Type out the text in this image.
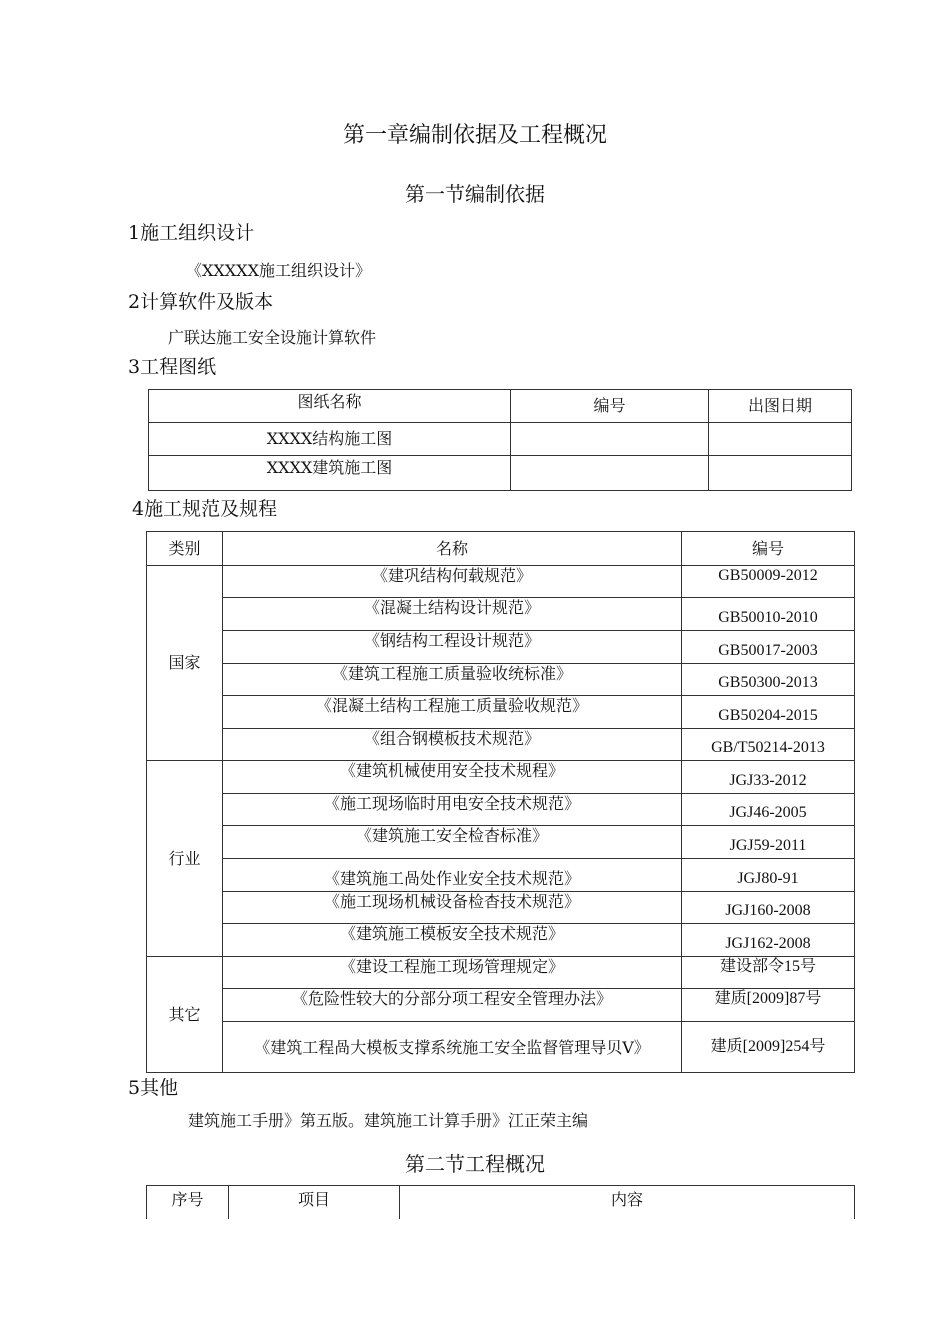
第一章编制依据及工程概况
第一节编制依据
1施工组织设计
《XXXXX施工组织设计》
2计算软件及版本
广联达施工安全设施计算软件
3工程图纸
图纸名称	编号	出图日期
XXXX结构施工图		
XXXX建筑施工图		
4施工规范及规程
类别	名称	编号
国家	《建巩结构何载规范》	GB50009-2012
	《混凝土结构设计规范》	GB50010-2010
	《钢结构工程设计规范》	GB50017-2003
	《建筑工程施工质量验收统标准》	GB50300-2013
	《混凝土结构工程施工质量验收规范》	GB50204-2015
	《组合钢模板技术规范》	GB/T50214-2013
行业	《建筑机械使用安全技术规程》	JGJ33-2012
	《施工现场临时用电安全技术规范》	JGJ46-2005
	《建筑施工安全检杳标准》	JGJ59-2011
	《建筑施工咼处作业安全技术规范》	JGJ80-91
	《施工现场机械设备检杳技术规范》	JGJ160-2008
	《建筑施工模板安全技术规范》	JGJ162-2008
其它	《建设工程施工现场管理规定》	建设部令15号
	《危险性较大的分部分项工程安全管理办法》	建质[2009]87号
	《建筑工程咼大模板支撑系统施工安全监督管理导贝V》	建质[2009]254号
5其他
建筑施工手册》第五版。建筑施工计算手册》江正荣主编
第二节工程概况
序号	项目	内容
